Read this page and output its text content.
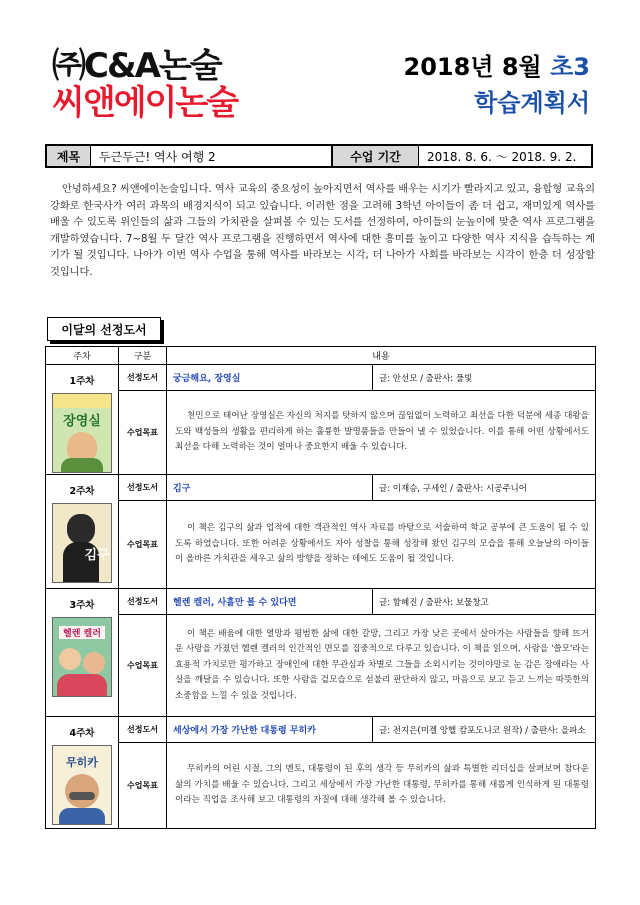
㈜C&A논술
씨앤에이논술
2018년 8월 초3
학습계획서
제목	두근두근! 역사 여행 2	수업 기간	2018. 8. 6. ～ 2018. 9. 2.

안녕하세요? 씨앤에이논술입니다. 역사 교육의 중요성이 높아지면서 역사를 배우는 시기가 빨라지고 있고, 융합형 교육의 강화로 한국사가 여러 과목의 배경지식이 되고 있습니다. 이러한 점을 고려해 3학년 아이들이 좀 더 쉽고, 재미있게 역사를 배울 수 있도록 위인들의 삶과 그들의 가치관을 살펴볼 수 있는 도서를 선정하여, 아이들의 눈높이에 맞춘 역사 프로그램을 개발하였습니다. 7~8월 두 달간 역사 프로그램을 진행하면서 역사에 대한 흥미를 높이고 다양한 역사 지식을 습득하는 계기가 될 것입니다. 나아가 이번 역사 수업을 통해 역사를 바라보는 시각, 더 나아가 사회를 바라보는 시각이 한층 더 성장할 것입니다.

이달의 선정도서
주차	구분	내용	

1주차
장영실	선정도서	궁금해요, 장영실	글: 안선모 / 출판사: 풀빛
	수업목표	천민으로 태어난 장영실은 자신의 처지를 탓하지 않으며 끊임없이 노력하고 최선을 다한 덕분에 세종 대왕을 도와 백성들의 생활을 편리하게 하는 훌륭한 발명품들을 만들어 낼 수 있었습니다. 이를 통해 어떤 상황에서도 최선을 다해 노력하는 것이 얼마나 중요한지 배울 수 있습니다.	

2주차
김구	선정도서	김구	글: 이재승, 구세인 / 출판사: 시공주니어
	수업목표	이 책은 김구의 삶과 업적에 대한 객관적인 역사 자료를 바탕으로 서술하여 학교 공부에 큰 도움이 될 수 있도록 하였습니다. 또한 어려운 상황에서도 자아 성찰을 통해 성장해 왔던 김구의 모습을 통해 오늘날의 아이들이 올바른 가치관을 세우고 삶의 방향을 정하는 데에도 도움이 될 것입니다.	

3주차
헬렌 켈러	선정도서	헬렌 켈러, 사흘만 볼 수 있다면	글: 함혜진 / 출판사: 보물창고
	수업목표	이 책은 배움에 대한 열망과 평범한 삶에 대한 갈망, 그리고 가장 낮은 곳에서 살아가는 사람들을 향해 뜨거운 사랑을 가졌던 헬렌 켈러의 인간적인 면모를 집중적으로 다루고 있습니다. 이 책을 읽으며, 사람을 '쓸모'라는 효용적 가치로만 평가하고 장애인에 대한 무관심과 차별로 그들을 소외시키는 것이야말로 눈 감은 장애라는 사실을 깨달을 수 있습니다. 또한 사람을 겉모습으로 섣불리 판단하지 않고, 마음으로 보고 듣고 느끼는 따뜻한의 소중함을 느낄 수 있을 것입니다.	

4주차
무히카	선정도서	세상에서 가장 가난한 대통령 무히카	글: 전지은(미겔 앙헬 캄포도니코 원작) / 출판사: 을파소
	수업목표	무히카의 어린 시절, 그의 멘토, 대통령이 된 후의 생각 등 무히카의 삶과 특별한 리더십을 살펴보며 참다운 삶의 가치를 배울 수 있습니다. 그리고 세상에서 가장 가난한 대통령, 무히카를 통해 새롭게 인식하게 된 대통령이라는 직업을 조사해 보고 대통령의 자질에 대해 생각해 볼 수 있습니다.	
